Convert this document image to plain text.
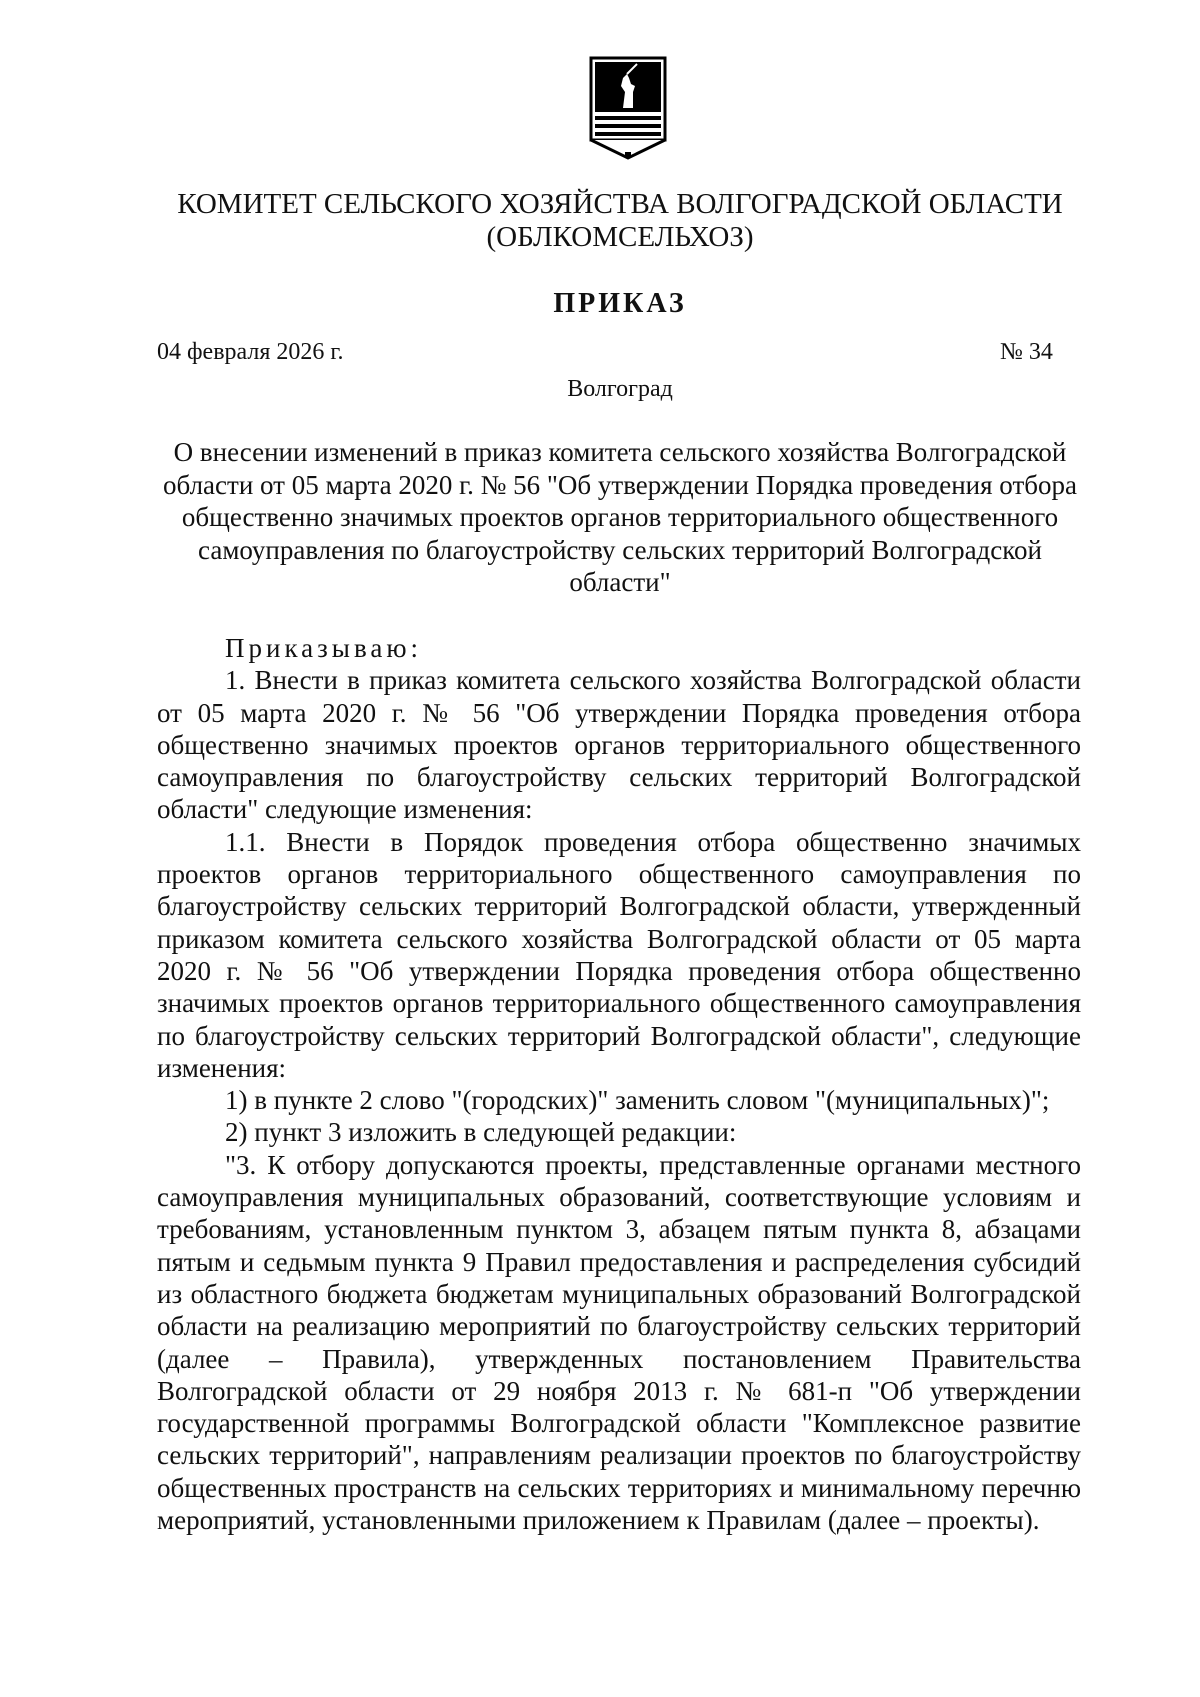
КОМИТЕТ СЕЛЬСКОГО ХОЗЯЙСТВА ВОЛГОГРАДСКОЙ ОБЛАСТИ
(ОБЛКОМСЕЛЬХОЗ)
ПРИКАЗ
04 февраля 2026 г.	№ 34
Волгоград
О внесении изменений в приказ комитета сельского хозяйства Волгоградской области от 05 марта 2020 г. № 56 "Об утверждении Порядка проведения отбора общественно значимых проектов органов территориального общественного самоуправления по благоустройству сельских территорий Волгоградской области"

Приказываю:

1. Внести в приказ комитета сельского хозяйства Волгоградской области от 05 марта 2020 г. № 56 "Об утверждении Порядка проведения отбора общественно значимых проектов органов территориального общественного самоуправления по благоустройству сельских территорий Волгоградской области" следующие изменения:

1.1. Внести в Порядок проведения отбора общественно значимых проектов органов территориального общественного самоуправления по благоустройству сельских территорий Волгоградской области, утвержденный приказом комитета сельского хозяйства Волгоградской области от 05 марта 2020 г. № 56 "Об утверждении Порядка проведения отбора общественно значимых проектов органов территориального общественного самоуправления по благоустройству сельских территорий Волгоградской области", следующие изменения:

1) в пункте 2 слово "(городских)" заменить словом "(муниципальных)";

2) пункт 3 изложить в следующей редакции:

"3. К отбору допускаются проекты, представленные органами местного самоуправления муниципальных образований, соответствующие условиям и требованиям, установленным пунктом 3, абзацем пятым пункта 8, абзацами пятым и седьмым пункта 9 Правил предоставления и распределения субсидий из областного бюджета бюджетам муниципальных образований Волгоградской области на реализацию мероприятий по благоустройству сельских территорий (далее – Правила), утвержденных постановлением Правительства Волгоградской области от 29 ноября 2013 г. № 681-п "Об утверждении государственной программы Волгоградской области "Комплексное развитие сельских территорий", направлениям реализации проектов по благоустройству общественных пространств на сельских территориях и минимальному перечню мероприятий, установленными приложением к Правилам (далее – проекты).
